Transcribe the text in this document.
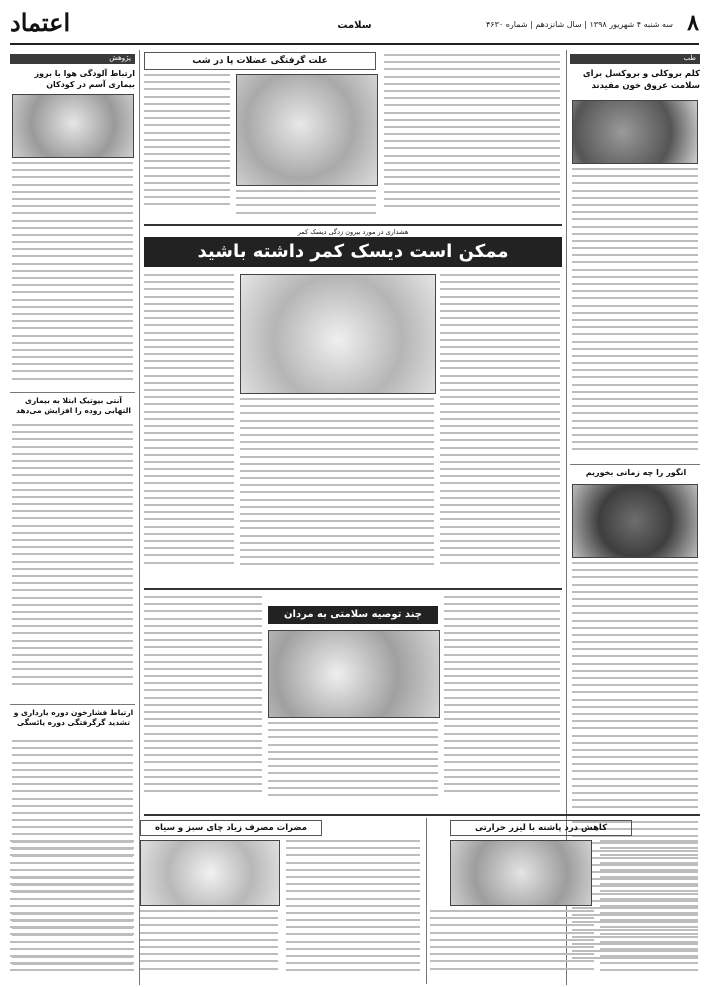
۸
سه شنبه ۴ شهریور ۱۳۹۸ | سال شانزدهم | شماره ۴۶۳۰
سلامت
اعتماد
طب
کلم بروکلی و بروکسل برای سلامت عروق خون مفیدند
انگور را چه زمانی بخوریم
پژوهش
ارتباط آلودگی هوا با بروز بیماری آسم در کودکان
آنتی بیوتیک ابتلا به بیماری التهابی روده را افزایش می‌دهد
ارتباط فشارخون دوره بارداری و تشدید گرگرفتگی دوره یائسگی
علت گرفتگی عضلات پا در شب
هشداری در مورد بیرون زدگی دیسک کمر
ممکن است دیسک کمر داشته باشید
چند توصیه سلامتی به مردان
کاهش درد پاشنه با لیزر حرارتی
مضرات مصرف زیاد چای سبز و سیاه
